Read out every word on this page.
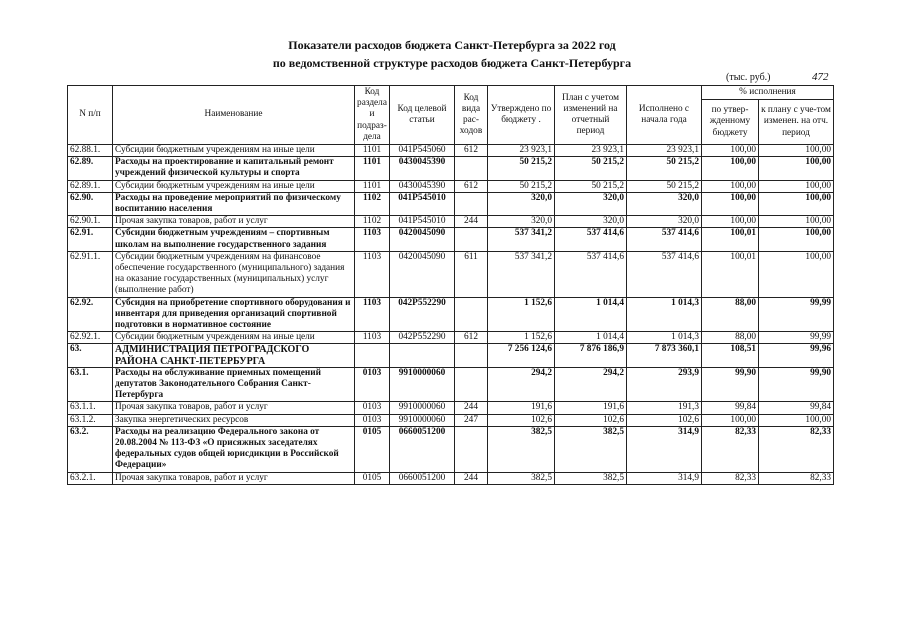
Показатели расходов бюджета Санкт-Петербурга за 2022 год
по ведомственной структуре расходов бюджета Санкт-Петербурга
(тыс. руб.)	472
N п/п	Наименование	Код раздела и подраз-дела	Код целевой статьи	Код вида рас-ходов	Утверждено по бюджету .	План с учетом изменений на отчетный период	Исполнено с начала года	% исполнения	
								по утвер-жденному бюджету	к плану с уче-том изменен. на отч. период
62.88.1.	Субсидии бюджетным учреждениям на иные цели	1101	041P545060	612	23 923,1	23 923,1	23 923,1	100,00	100,00
62.89.	Расходы на проектирование и капитальный ремонт учреждений физической культуры и спорта	1101	0430045390		50 215,2	50 215,2	50 215,2	100,00	100,00
62.89.1.	Субсидии бюджетным учреждениям на иные цели	1101	0430045390	612	50 215,2	50 215,2	50 215,2	100,00	100,00
62.90.	Расходы на проведение мероприятий по физическому воспитанию населения	1102	041P545010		320,0	320,0	320,0	100,00	100,00
62.90.1.	Прочая закупка товаров, работ и услуг	1102	041P545010	244	320,0	320,0	320,0	100,00	100,00
62.91.	Субсидии бюджетным учреждениям – спортивным школам на выполнение государственного задания	1103	0420045090		537 341,2	537 414,6	537 414,6	100,01	100,00
62.91.1.	Субсидии бюджетным учреждениям на финансовое обеспечение государственного (муниципального) задания на оказание государственных (муниципальных) услуг (выполнение работ)	1103	0420045090	611	537 341,2	537 414,6	537 414,6	100,01	100,00
62.92.	Субсидия на приобретение спортивного оборудования и инвентаря для приведения организаций спортивной подготовки в нормативное состояние	1103	042P552290		1 152,6	1 014,4	1 014,3	88,00	99,99
62.92.1.	Субсидии бюджетным учреждениям на иные цели	1103	042P552290	612	1 152,6	1 014,4	1 014,3	88,00	99,99
63.	АДМИНИСТРАЦИЯ ПЕТРОГРАДСКОГО РАЙОНА САНКТ-ПЕТЕРБУРГА				7 256 124,6	7 876 186,9	7 873 360,1	108,51	99,96
63.1.	Расходы на обслуживание приемных помещений депутатов Законодательного Собрания Санкт-Петербурга	0103	9910000060		294,2	294,2	293,9	99,90	99,90
63.1.1.	Прочая закупка товаров, работ и услуг	0103	9910000060	244	191,6	191,6	191,3	99,84	99,84
63.1.2.	Закупка энергетических ресурсов	0103	9910000060	247	102,6	102,6	102,6	100,00	100,00
63.2.	Расходы на реализацию Федерального закона от 20.08.2004 № 113-ФЗ «О присяжных заседателях федеральных судов общей юрисдикции в Российской Федерации»	0105	0660051200		382,5	382,5	314,9	82,33	82,33
63.2.1.	Прочая закупка товаров, работ и услуг	0105	0660051200	244	382,5	382,5	314,9	82,33	82,33
